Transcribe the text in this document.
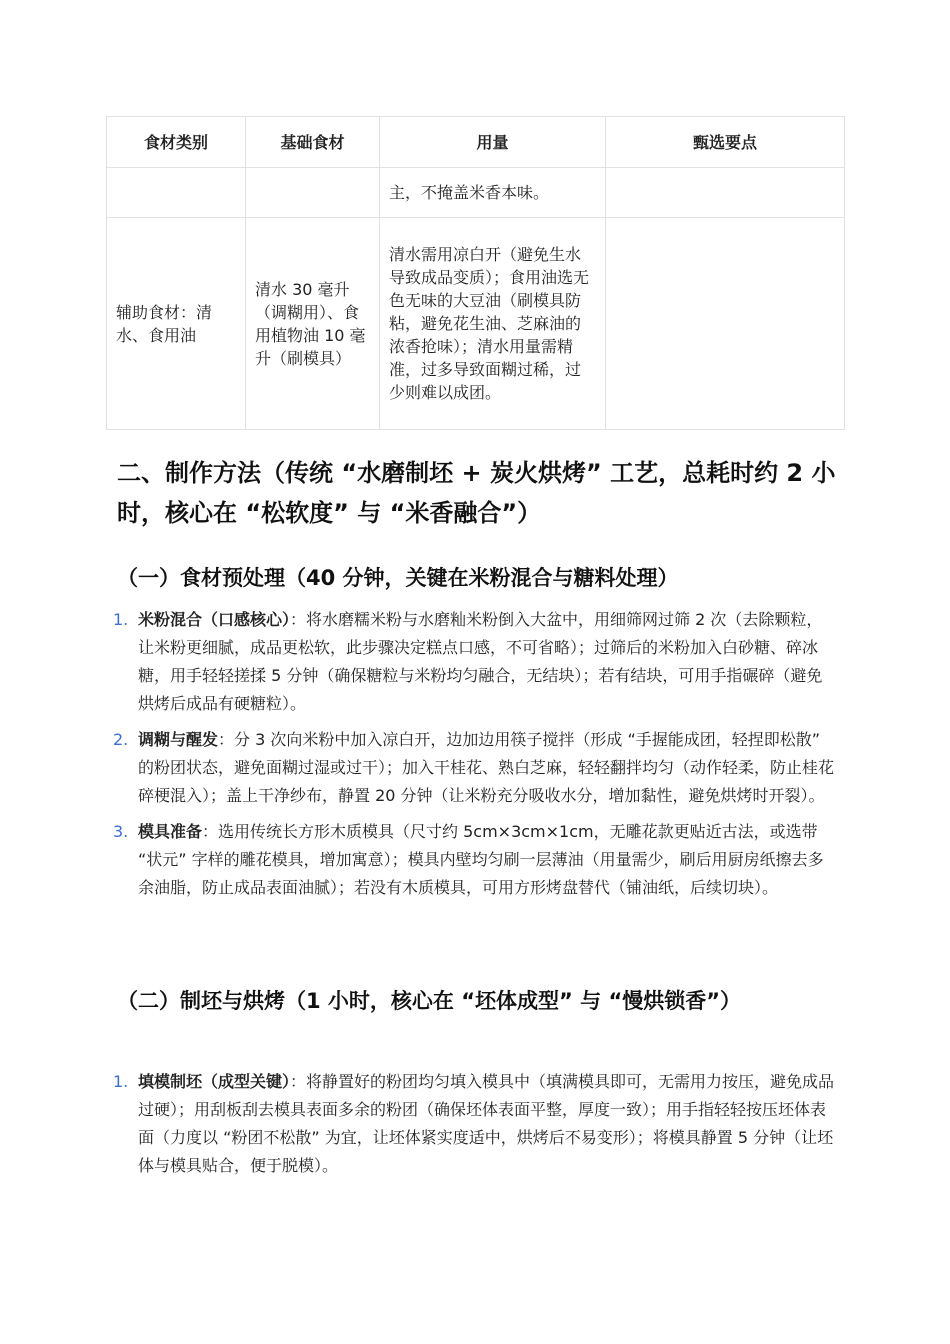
食材类别	基础食材	用量	甄选要点
		主，不掩盖米香本味。	
辅助食材：清水、食用油	清水 30 毫升（调糊用）、食用植物油 10 毫升（刷模具）	清水需用凉白开（避免生水导致成品变质）；食用油选无色无味的大豆油（刷模具防粘，避免花生油、芝麻油的浓香抢味）；清水用量需精准，过多导致面糊过稀，过少则难以成团。	
二、制作方法（传统 “水磨制坯 + 炭火烘烤” 工艺，总耗时约 2 小时，核心在 “松软度” 与 “米香融合”）
（一）食材预处理（40 分钟，关键在米粉混合与糖料处理）
1. 米粉混合（口感核心）：将水磨糯米粉与水磨籼米粉倒入大盆中，用细筛网过筛 2 次（去除颗粒，让米粉更细腻，成品更松软，此步骤决定糕点口感，不可省略）；过筛后的米粉加入白砂糖、碎冰糖，用手轻轻搓揉 5 分钟（确保糖粒与米粉均匀融合，无结块）；若有结块，可用手指碾碎（避免烘烤后成品有硬糖粒）。
2. 调糊与醒发：分 3 次向米粉中加入凉白开，边加边用筷子搅拌（形成 “手握能成团，轻捏即松散” 的粉团状态，避免面糊过湿或过干）；加入干桂花、熟白芝麻，轻轻翻拌均匀（动作轻柔，防止桂花碎梗混入）；盖上干净纱布，静置 20 分钟（让米粉充分吸收水分，增加黏性，避免烘烤时开裂）。
3. 模具准备：选用传统长方形木质模具（尺寸约 5cm×3cm×1cm，无雕花款更贴近古法，或选带 “状元” 字样的雕花模具，增加寓意）；模具内壁均匀刷一层薄油（用量需少，刷后用厨房纸擦去多余油脂，防止成品表面油腻）；若没有木质模具，可用方形烤盘替代（铺油纸，后续切块）。
（二）制坯与烘烤（1 小时，核心在 “坯体成型” 与 “慢烘锁香”）
1. 填模制坯（成型关键）：将静置好的粉团均匀填入模具中（填满模具即可，无需用力按压，避免成品过硬）；用刮板刮去模具表面多余的粉团（确保坯体表面平整，厚度一致）；用手指轻轻按压坯体表面（力度以 “粉团不松散” 为宜，让坯体紧实度适中，烘烤后不易变形）；将模具静置 5 分钟（让坯体与模具贴合，便于脱模）。
